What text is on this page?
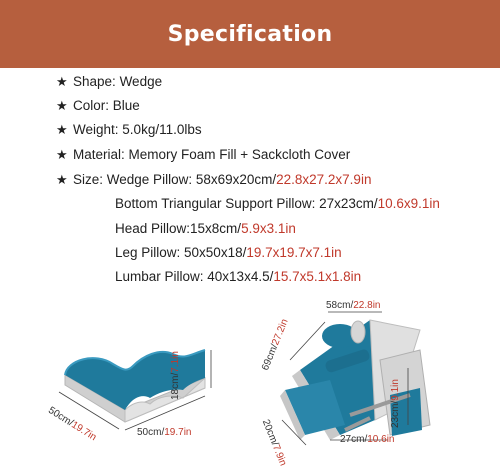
Specification
★ Shape: Wedge
★ Color: Blue
★ Weight: 5.0kg/11.0lbs
★ Material: Memory Foam Fill + Sackcloth Cover
★ Size: Wedge Pillow: 58x69x20cm/22.8x27.2x7.9in
Bottom Triangular Support Pillow: 27x23cm/10.6x9.1in
Head Pillow:15x8cm/5.9x3.1in
Leg Pillow: 50x50x18/19.7x19.7x7.1in
Lumbar Pillow: 40x13x4.5/15.7x5.1x1.8in
50cm/19.7in	50cm/19.7in
18cm/7.1in
58cm/22.8in
69cm/27.2in
23cm/9.1in
27cm/10.6in
20cm/7.9in
